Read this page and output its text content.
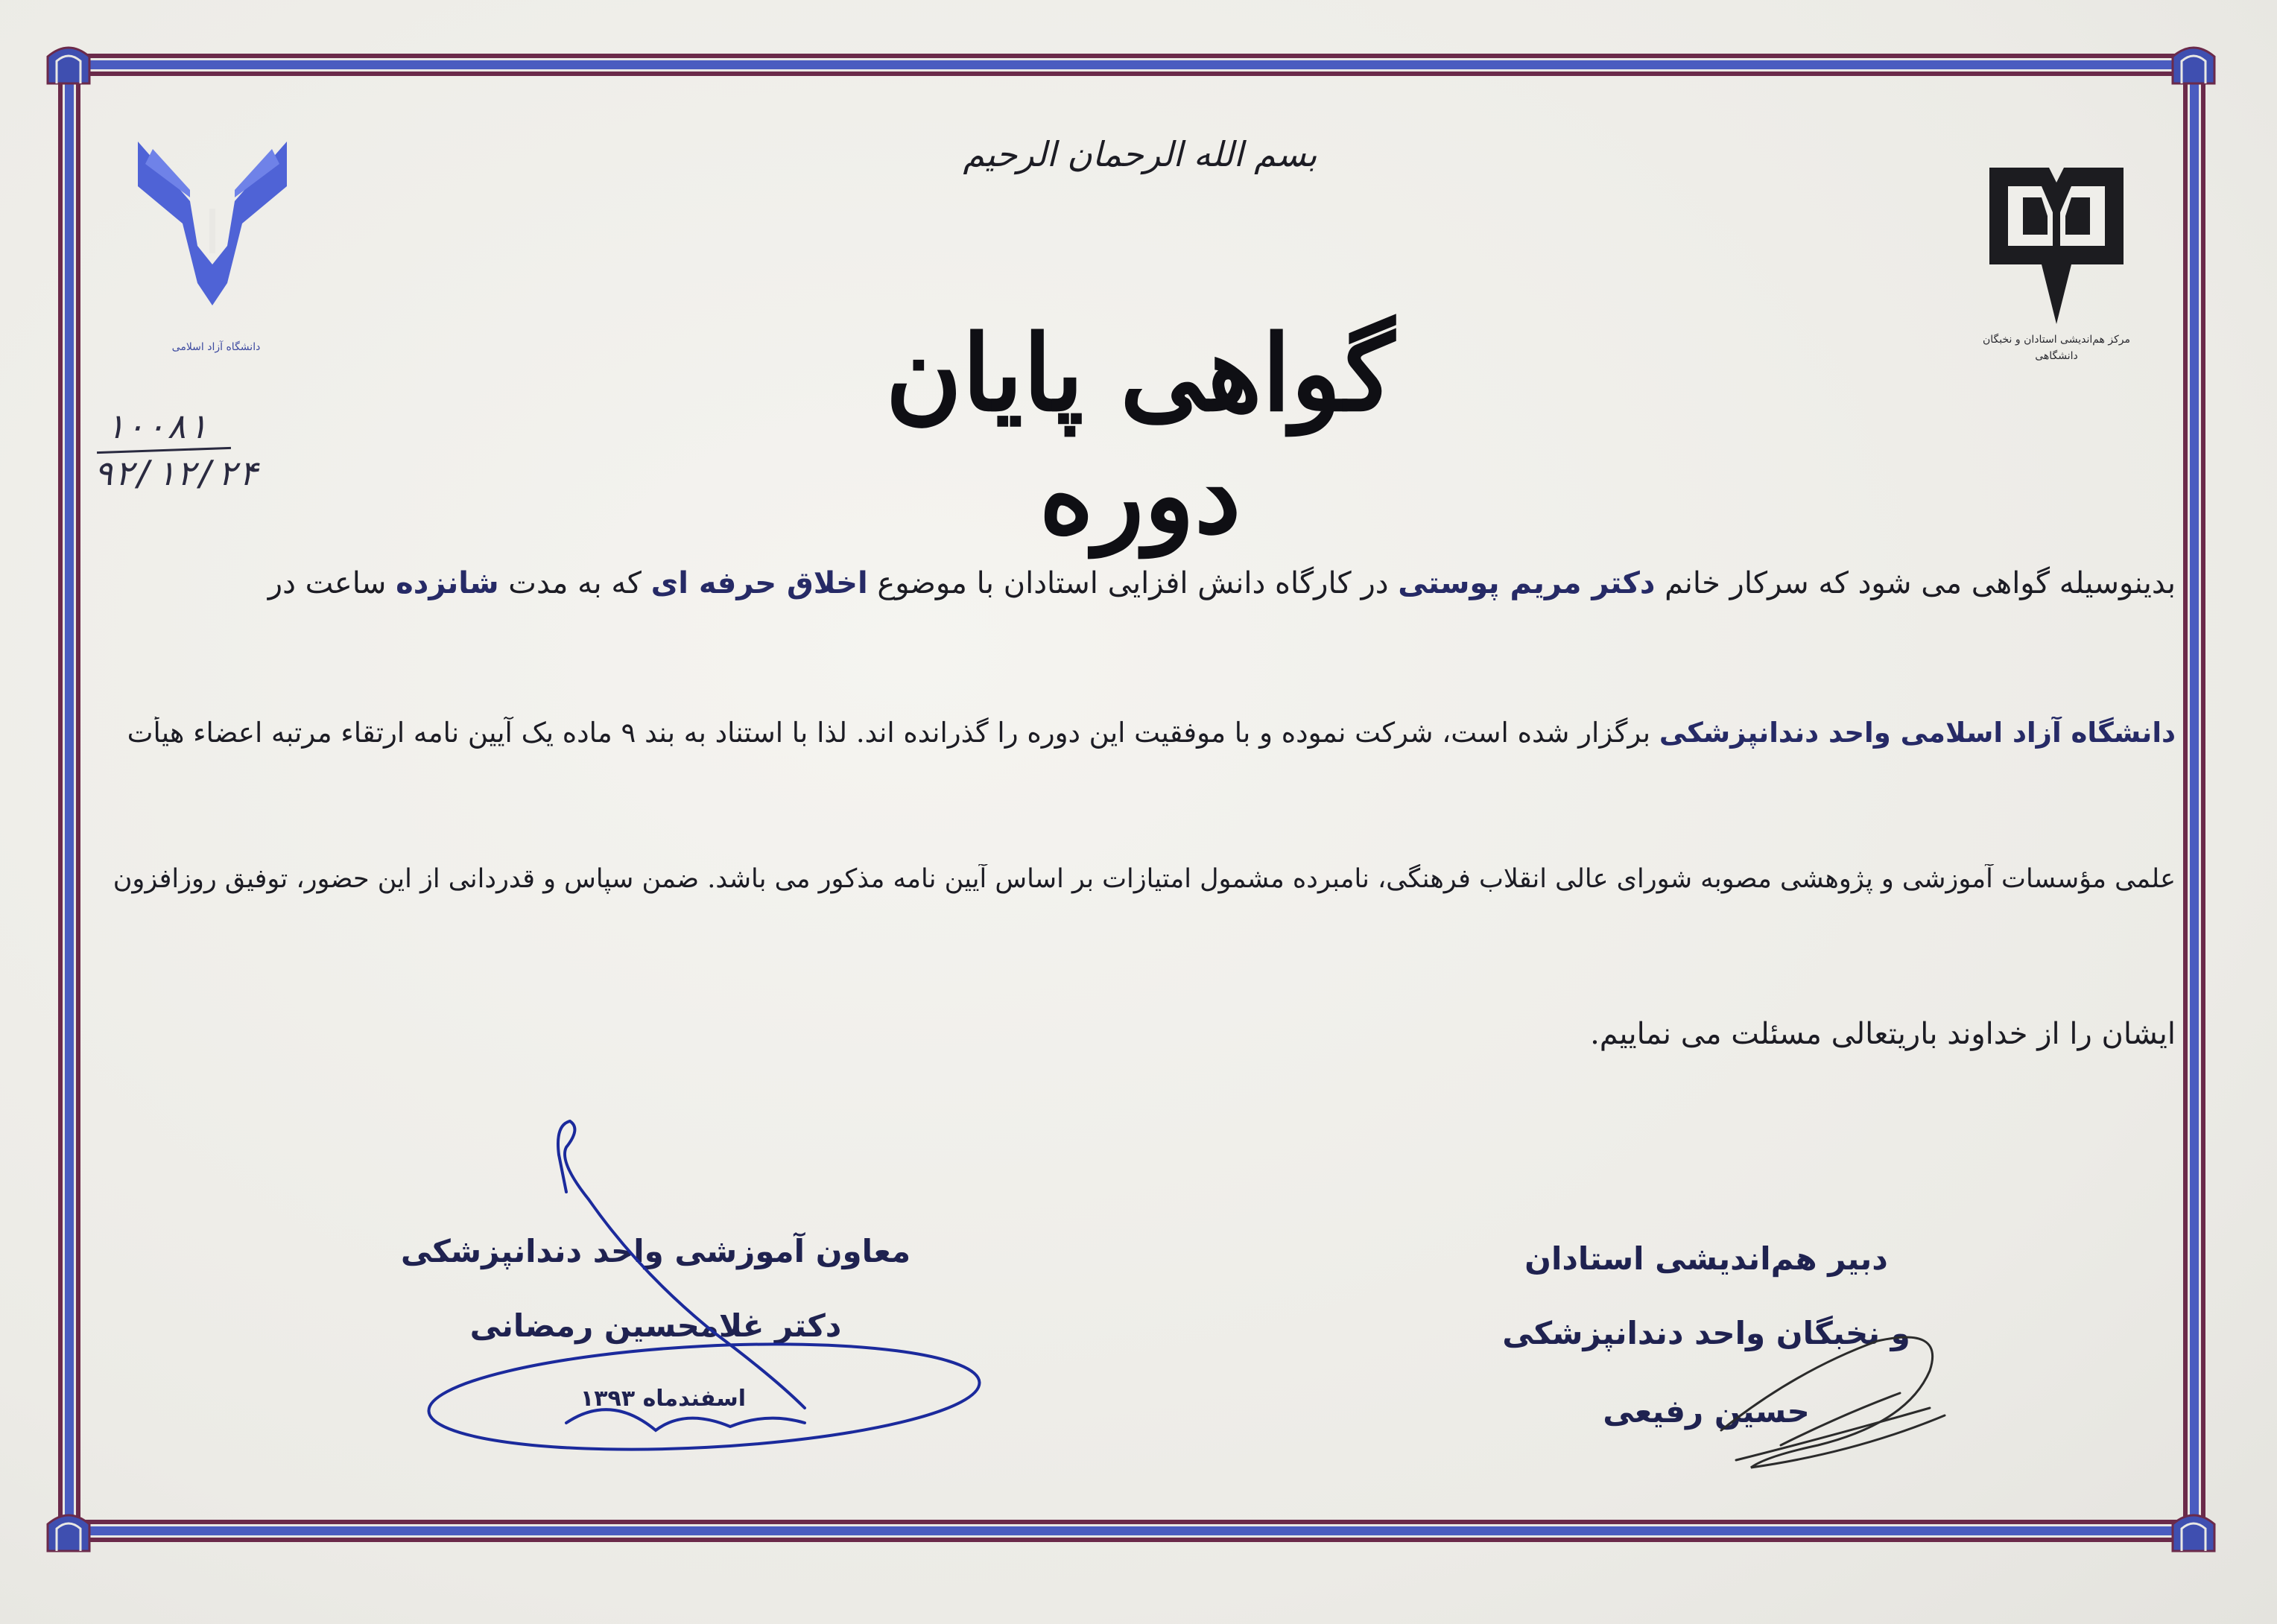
دانشگاه آزاد اسلامی
مرکز هم‌اندیشی استادان و نخبگان دانشگاهی
بسم الله الرحمان الرحیم
گواهی پایان دوره
۱۰۰۸۱
۹۲/۱۲/۲۴
بدینوسیله گواهی می شود که سرکار خانم دکتر مریم پوستی در کارگاه دانش افزایی استادان با موضوع اخلاق حرفه ای که به مدت شانزده ساعت در
دانشگاه آزاد اسلامی واحد دندانپزشکی برگزار شده است، شرکت نموده و با موفقیت این دوره را گذرانده اند. لذا با استناد به بند ۹ ماده یک آیین نامه ارتقاء مرتبه اعضاء هیأت
علمی مؤسسات آموزشی و پژوهشی مصوبه شورای عالی انقلاب فرهنگی، نامبرده مشمول امتیازات بر اساس آیین نامه مذکور می باشد. ضمن سپاس و قدردانی از این حضور، توفیق روزافزون
ایشان را از خداوند باریتعالی مسئلت می نماییم.
معاون آموزشی واحد دندانپزشکی
دکتر غلامحسین رمضانی
اسفندماه ۱۳۹۳
دبیر هم‌اندیشی استادان
و نخبگان واحد دندانپزشکی
حسین رفیعی
